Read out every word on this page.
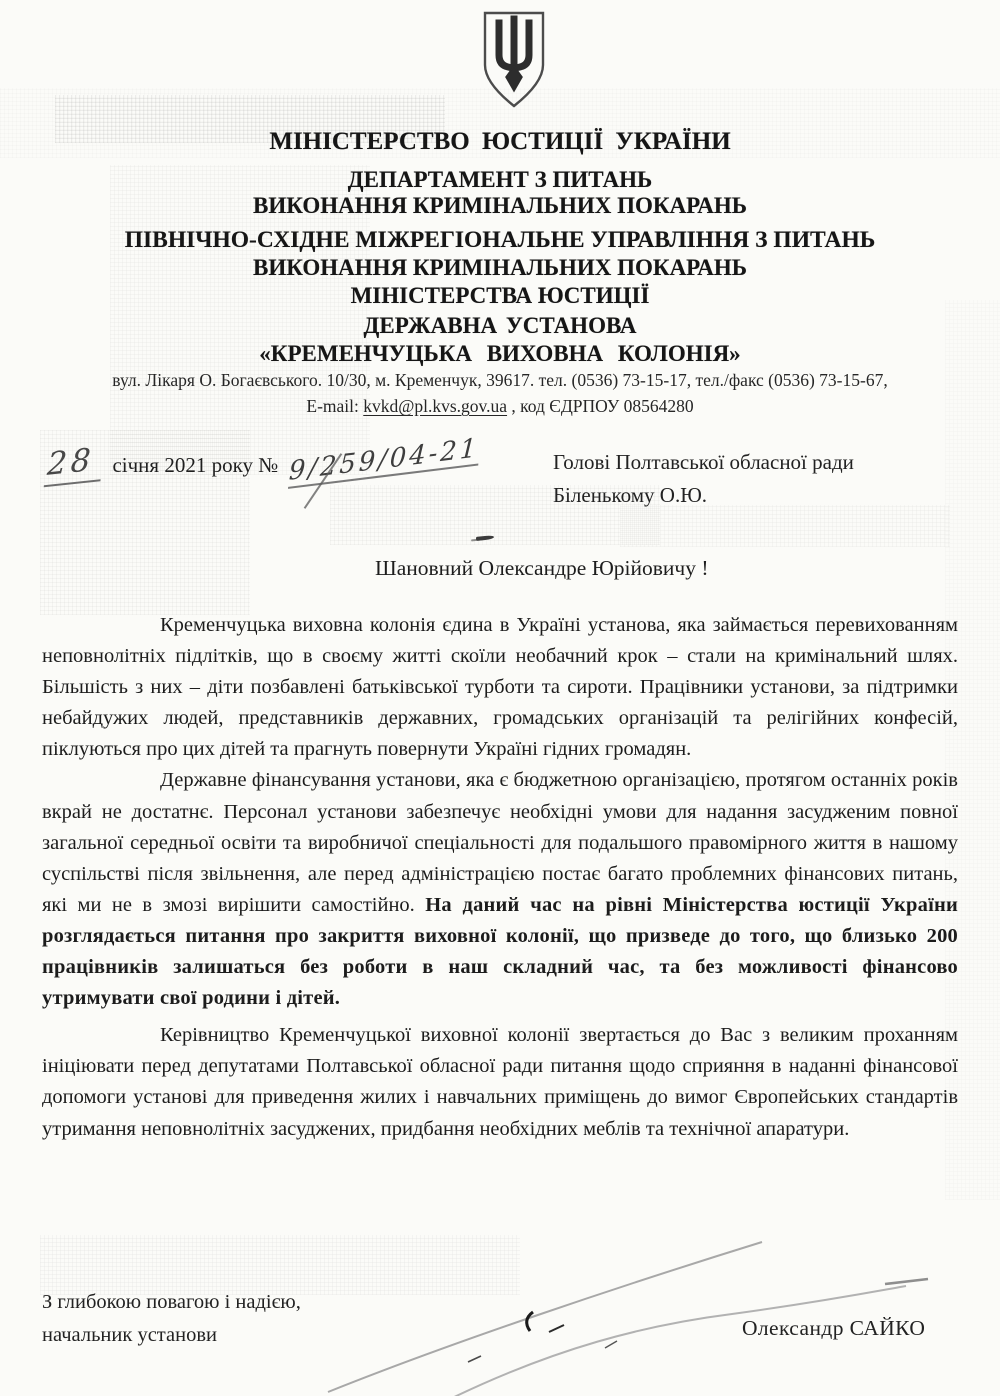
МІНІСТЕРСТВО ЮСТИЦІЇ УКРАЇНИ
ДЕПАРТАМЕНТ З ПИТАНЬ
ВИКОНАННЯ КРИМІНАЛЬНИХ ПОКАРАНЬ
ПІВНІЧНО-СХІДНЕ МІЖРЕГІОНАЛЬНЕ УПРАВЛІННЯ З ПИТАНЬ
ВИКОНАННЯ КРИМІНАЛЬНИХ ПОКАРАНЬ
МІНІСТЕРСТВА ЮСТИЦІЇ
ДЕРЖАВНА УСТАНОВА
«КРЕМЕНЧУЦЬКА ВИХОВНА КОЛОНІЯ»
вул. Лікаря О. Богаєвського. 10/30, м. Кременчук, 39617. тел. (0536) 73-15-17, тел./факс (0536) 73-15-67,
E-mail: kvkd@pl.kvs.gov.ua , код ЄДРПОУ 08564280
28 січня 2021 року № 9/259/04-21	Голові Полтавської обласної ради
Біленькому О.Ю.
Шановний Олександре Юрійовичу !

Кременчуцька виховна колонія єдина в Україні установа, яка займається перевихованням неповнолітніх підлітків, що в своєму житті скоїли необачний крок – стали на кримінальний шлях. Більшість з них – діти позбавлені батьківської турботи та сироти. Працівники установи, за підтримки небайдужих людей, представників державних, громадських організацій та релігійних конфесій, піклуються про цих дітей та прагнуть повернути Україні гідних громадян.

Державне фінансування установи, яка є бюджетною організацією, протягом останніх років вкрай не достатнє. Персонал установи забезпечує необхідні умови для надання засудженим повної загальної середньої освіти та виробничої спеціальності для подальшого правомірного життя в нашому суспільстві після звільнення, але перед адміністрацією постає багато проблемних фінансових питань, які ми не в змозі вирішити самостійно. На даний час на рівні Міністерства юстиції України розглядається питання про закриття виховної колонії, що призведе до того, що близько 200 працівників залишаться без роботи в наш складний час, та без можливості фінансово утримувати свої родини і дітей.

Керівництво Кременчуцької виховної колонії звертається до Вас з великим проханням ініціювати перед депутатами Полтавської обласної ради питання щодо сприяння в наданні фінансової допомоги установі для приведення жилих і навчальних приміщень до вимог Європейських стандартів утримання неповнолітніх засуджених, придбання необхідних меблів та технічної апаратури.

З глибокою повагою і надією,
начальник установи	Олександр САЙКО
